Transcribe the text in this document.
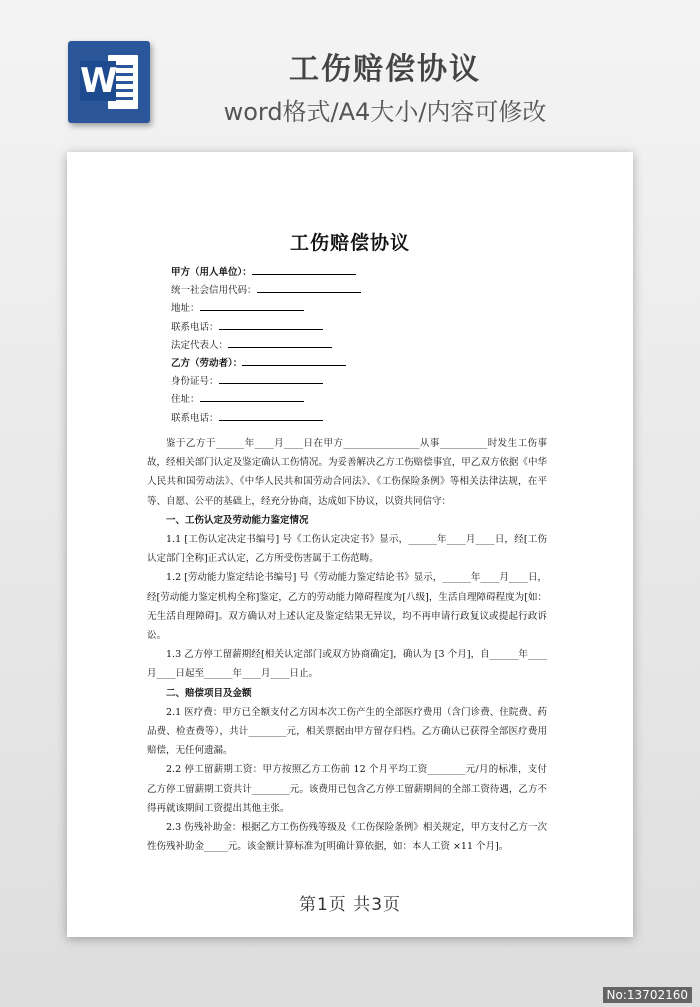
W	工伤赔偿协议
word格式/A4大小/内容可修改
工伤赔偿协议
甲方（用人单位）：
统一社会信用代码：
地址：
联系电话：
法定代表人：
乙方（劳动者）：
身份证号：
住址：
联系电话：

鉴于乙方于______年____月____日在甲方________________从事__________时发生工伤事故，经相关部门认定及鉴定确认工伤情况。为妥善解决乙方工伤赔偿事宜，甲乙双方依据《中华人民共和国劳动法》、《中华人民共和国劳动合同法》、《工伤保险条例》等相关法律法规，在平等、自愿、公平的基础上，经充分协商，达成如下协议，以资共同信守：

一、工伤认定及劳动能力鉴定情况

1.1 [工伤认定决定书编号] 号《工伤认定决定书》显示，______年____月____日，经[工伤认定部门全称]正式认定，乙方所受伤害属于工伤范畴。

1.2 [劳动能力鉴定结论书编号] 号《劳动能力鉴定结论书》显示，______年____月____日，经[劳动能力鉴定机构全称]鉴定，乙方的劳动能力障碍程度为[八级]，生活自理障碍程度为[如：无生活自理障碍]。双方确认对上述认定及鉴定结果无异议，均不再申请行政复议或提起行政诉讼。

1.3 乙方停工留薪期经[相关认定部门或双方协商确定]，确认为 [3 个月]，自______年____月____日起至______年____月____日止。

二、赔偿项目及金额

2.1 医疗费：甲方已全额支付乙方因本次工伤产生的全部医疗费用（含门诊费、住院费、药品费、检查费等），共计________元，相关票据由甲方留存归档。乙方确认已获得全部医疗费用赔偿，无任何遗漏。

2.2 停工留薪期工资：甲方按照乙方工伤前 12 个月平均工资________元/月的标准，支付乙方停工留薪期工资共计________元。该费用已包含乙方停工留薪期间的全部工资待遇，乙方不得再就该期间工资提出其他主张。

2.3 伤残补助金：根据乙方工伤伤残等级及《工伤保险条例》相关规定，甲方支付乙方一次性伤残补助金_____元。该金额计算标准为[明确计算依据，如：本人工资 ×11 个月]。

第1页 共3页
No:13702160
